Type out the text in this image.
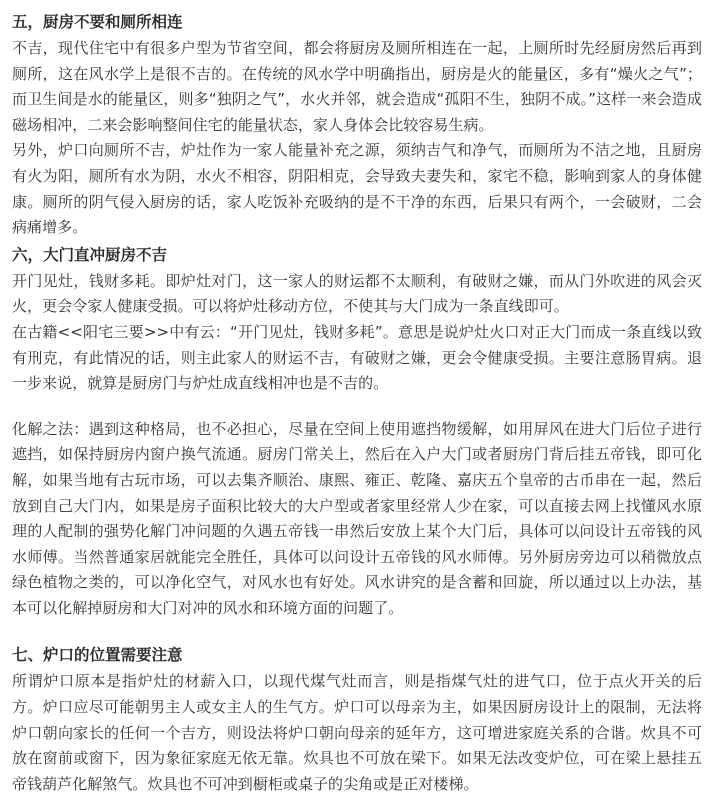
五，厨房不要和厕所相连

不吉，现代住宅中有很多户型为节省空间，都会将厨房及厕所相连在一起，上厕所时先经厨房然后再到厕所，这在风水学上是很不吉的。在传统的风水学中明确指出，厨房是火的能量区，多有“燥火之气”；而卫生间是水的能量区，则多“独阴之气”，水火并邻，就会造成“孤阳不生，独阴不成。”这样一来会造成磁场相冲，二来会影响整间住宅的能量状态，家人身体会比较容易生病。

另外，炉口向厕所不吉，炉灶作为一家人能量补充之源，须纳吉气和净气，而厕所为不洁之地，且厨房有火为阳，厕所有水为阴，水火不相容，阴阳相克，会导致夫妻失和，家宅不稳，影响到家人的身体健康。厕所的阴气侵入厨房的话，家人吃饭补充吸纳的是不干净的东西，后果只有两个，一会破财，二会病痛增多。

六，大门直冲厨房不吉

开门见灶，钱财多耗。即炉灶对门，这一家人的财运都不太顺利，有破财之嫌，而从门外吹进的风会灭火，更会令家人健康受损。可以将炉灶移动方位，不使其与大门成为一条直线即可。

在古籍<<阳宅三要>>中有云：“开门见灶，钱财多耗”。意思是说炉灶火口对正大门而成一条直线以致有刑克，有此情况的话，则主此家人的财运不吉，有破财之嫌，更会令健康受损。主要注意肠胃病。退一步来说，就算是厨房门与炉灶成直线相冲也是不吉的。

化解之法：遇到这种格局，也不必担心，尽量在空间上使用遮挡物缓解，如用屏风在进大门后位子进行遮挡，如保持厨房内窗户换气流通。厨房门常关上，然后在入户大门或者厨房门背后挂五帝钱，即可化解，如果当地有古玩市场，可以去集齐顺治、康熙、雍正、乾隆、嘉庆五个皇帝的古币串在一起，然后放到自己大门内，如果是房子面积比较大的大户型或者家里经常人少在家，可以直接去网上找懂风水原理的人配制的强势化解门冲问题的久遇五帝钱一串然后安放上某个大门后，具体可以问设计五帝钱的风水师傅。当然普通家居就能完全胜任，具体可以问设计五帝钱的风水师傅。另外厨房旁边可以稍微放点绿色植物之类的，可以净化空气，对风水也有好处。风水讲究的是含蓄和回旋，所以通过以上办法，基本可以化解掉厨房和大门对冲的风水和环境方面的问题了。

七、炉口的位置需要注意

所谓炉口原本是指炉灶的材薪入口，以现代煤气灶而言，则是指煤气灶的进气口，位于点火开关的后方。炉口应尽可能朝男主人或女主人的生气方。炉口可以母亲为主，如果因厨房设计上的限制，无法将炉口朝向家长的任何一个吉方，则设法将炉口朝向母亲的延年方，这可增进家庭关系的合谐。炊具不可放在窗前或窗下，因为象征家庭无依无靠。炊具也不可放在梁下。如果无法改变炉位，可在梁上悬挂五帝钱葫芦化解煞气。炊具也不可冲到橱柜或桌子的尖角或是正对楼梯。
